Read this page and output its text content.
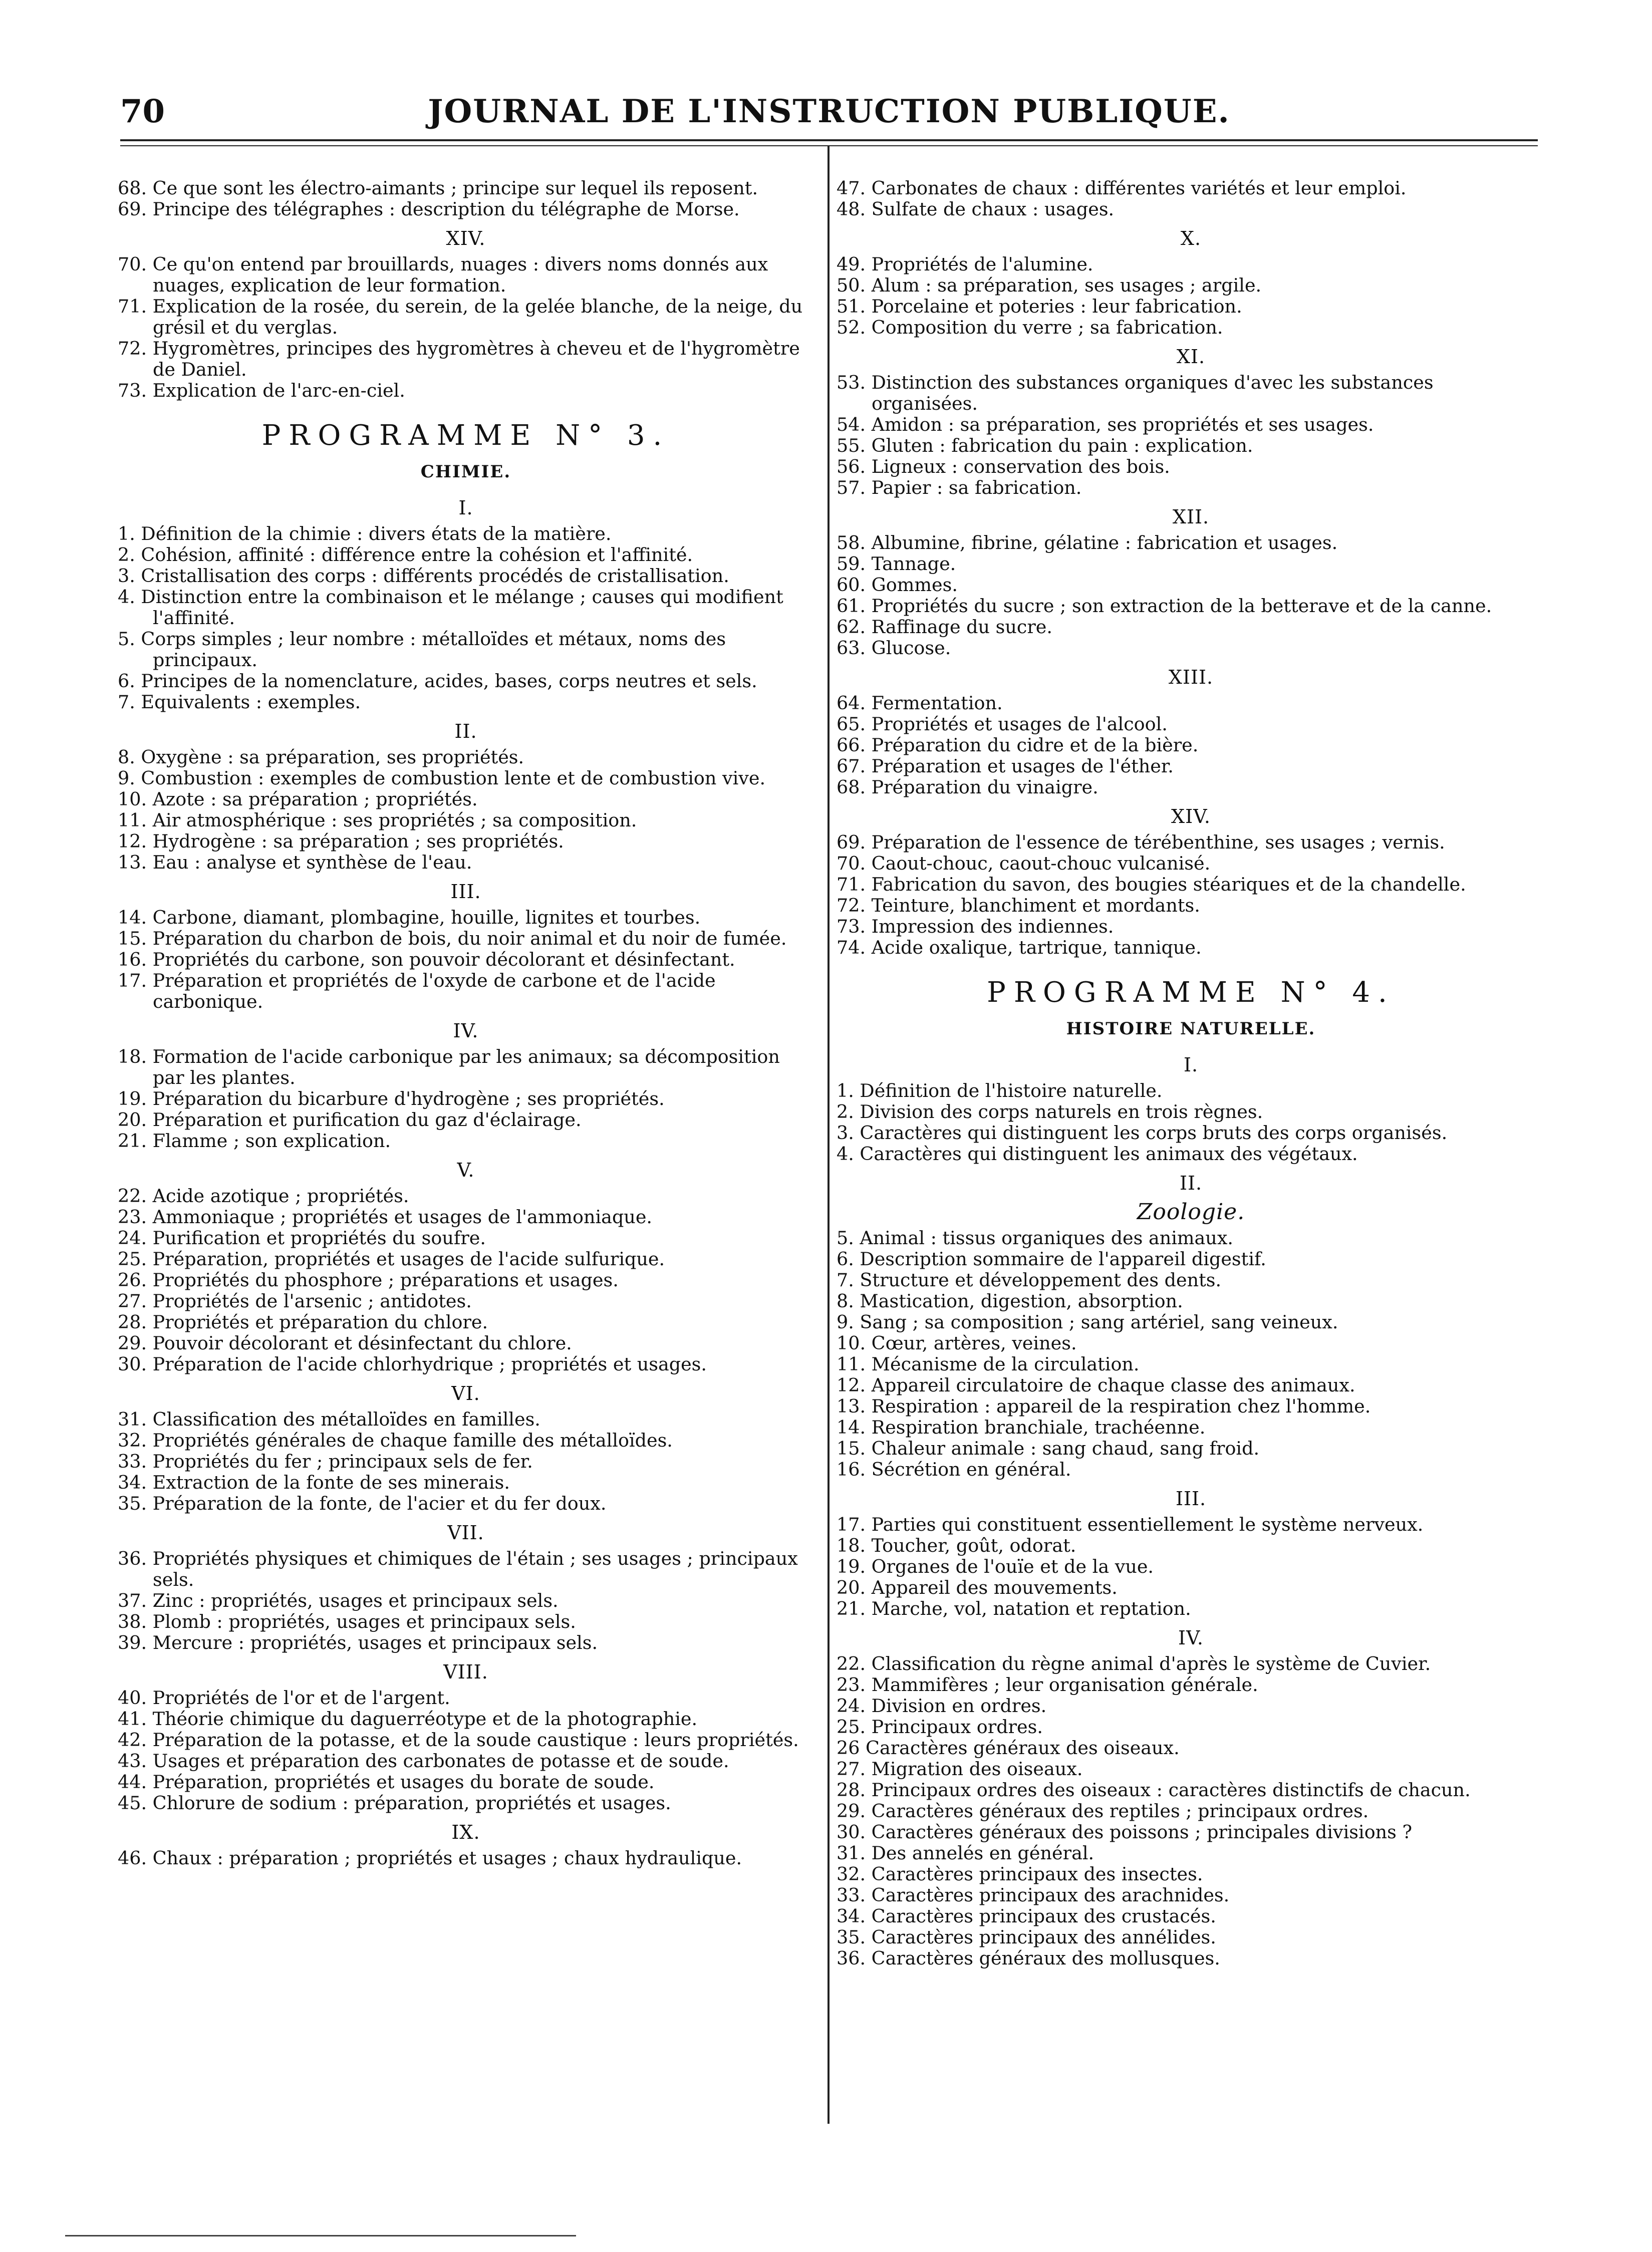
70	JOURNAL DE L'INSTRUCTION PUBLIQUE.
68. Ce que sont les électro-aimants ; principe sur lequel ils reposent.
69. Principe des télégraphes : description du télégraphe de Morse.
XIV.
70. Ce qu'on entend par brouillards, nuages : divers noms donnés aux nuages, explication de leur formation.
71. Explication de la rosée, du serein, de la gelée blanche, de la neige, du grésil et du verglas.
72. Hygromètres, principes des hygromètres à cheveu et de l'hygromètre de Daniel.
73. Explication de l'arc-en-ciel.
PROGRAMME N° 3.
CHIMIE.
I.
1. Définition de la chimie : divers états de la matière.
2. Cohésion, affinité : différence entre la cohésion et l'affinité.
3. Cristallisation des corps : différents procédés de cristallisation.
4. Distinction entre la combinaison et le mélange ; causes qui modifient l'affinité.
5. Corps simples ; leur nombre : métalloïdes et métaux, noms des principaux.
6. Principes de la nomenclature, acides, bases, corps neutres et sels.
7. Equivalents : exemples.
II.
8. Oxygène : sa préparation, ses propriétés.
9. Combustion : exemples de combustion lente et de combustion vive.
10. Azote : sa préparation ; propriétés.
11. Air atmosphérique : ses propriétés ; sa composition.
12. Hydrogène : sa préparation ; ses propriétés.
13. Eau : analyse et synthèse de l'eau.
III.
14. Carbone, diamant, plombagine, houille, lignites et tourbes.
15. Préparation du charbon de bois, du noir animal et du noir de fumée.
16. Propriétés du carbone, son pouvoir décolorant et désinfectant.
17. Préparation et propriétés de l'oxyde de carbone et de l'acide carbonique.
IV.
18. Formation de l'acide carbonique par les animaux; sa décomposition par les plantes.
19. Préparation du bicarbure d'hydrogène ; ses propriétés.
20. Préparation et purification du gaz d'éclairage.
21. Flamme ; son explication.
V.
22. Acide azotique ; propriétés.
23. Ammoniaque ; propriétés et usages de l'ammoniaque.
24. Purification et propriétés du soufre.
25. Préparation, propriétés et usages de l'acide sulfurique.
26. Propriétés du phosphore ; préparations et usages.
27. Propriétés de l'arsenic ; antidotes.
28. Propriétés et préparation du chlore.
29. Pouvoir décolorant et désinfectant du chlore.
30. Préparation de l'acide chlorhydrique ; propriétés et usages.
VI.
31. Classification des métalloïdes en familles.
32. Propriétés générales de chaque famille des métalloïdes.
33. Propriétés du fer ; principaux sels de fer.
34. Extraction de la fonte de ses minerais.
35. Préparation de la fonte, de l'acier et du fer doux.
VII.
36. Propriétés physiques et chimiques de l'étain ; ses usages ; principaux sels.
37. Zinc : propriétés, usages et principaux sels.
38. Plomb : propriétés, usages et principaux sels.
39. Mercure : propriétés, usages et principaux sels.
VIII.
40. Propriétés de l'or et de l'argent.
41. Théorie chimique du daguerréotype et de la photographie.
42. Préparation de la potasse, et de la soude caustique : leurs propriétés.
43. Usages et préparation des carbonates de potasse et de soude.
44. Préparation, propriétés et usages du borate de soude.
45. Chlorure de sodium : préparation, propriétés et usages.
IX.
46. Chaux : préparation ; propriétés et usages ; chaux hydraulique.
47. Carbonates de chaux : différentes variétés et leur emploi.
48. Sulfate de chaux : usages.
X.
49. Propriétés de l'alumine.
50. Alum : sa préparation, ses usages ; argile.
51. Porcelaine et poteries : leur fabrication.
52. Composition du verre ; sa fabrication.
XI.
53. Distinction des substances organiques d'avec les substances organisées.
54. Amidon : sa préparation, ses propriétés et ses usages.
55. Gluten : fabrication du pain : explication.
56. Ligneux : conservation des bois.
57. Papier : sa fabrication.
XII.
58. Albumine, fibrine, gélatine : fabrication et usages.
59. Tannage.
60. Gommes.
61. Propriétés du sucre ; son extraction de la betterave et de la canne.
62. Raffinage du sucre.
63. Glucose.
XIII.
64. Fermentation.
65. Propriétés et usages de l'alcool.
66. Préparation du cidre et de la bière.
67. Préparation et usages de l'éther.
68. Préparation du vinaigre.
XIV.
69. Préparation de l'essence de térébenthine, ses usages ; vernis.
70. Caout-chouc, caout-chouc vulcanisé.
71. Fabrication du savon, des bougies stéariques et de la chandelle.
72. Teinture, blanchiment et mordants.
73. Impression des indiennes.
74. Acide oxalique, tartrique, tannique.
PROGRAMME N° 4.
HISTOIRE NATURELLE.
I.
1. Définition de l'histoire naturelle.
2. Division des corps naturels en trois règnes.
3. Caractères qui distinguent les corps bruts des corps organisés.
4. Caractères qui distinguent les animaux des végétaux.
II.
Zoologie.
5. Animal : tissus organiques des animaux.
6. Description sommaire de l'appareil digestif.
7. Structure et développement des dents.
8. Mastication, digestion, absorption.
9. Sang ; sa composition ; sang artériel, sang veineux.
10. Cœur, artères, veines.
11. Mécanisme de la circulation.
12. Appareil circulatoire de chaque classe des animaux.
13. Respiration : appareil de la respiration chez l'homme.
14. Respiration branchiale, trachéenne.
15. Chaleur animale : sang chaud, sang froid.
16. Sécrétion en général.
III.
17. Parties qui constituent essentiellement le système nerveux.
18. Toucher, goût, odorat.
19. Organes de l'ouïe et de la vue.
20. Appareil des mouvements.
21. Marche, vol, natation et reptation.
IV.
22. Classification du règne animal d'après le système de Cuvier.
23. Mammifères ; leur organisation générale.
24. Division en ordres.
25. Principaux ordres.
26 Caractères généraux des oiseaux.
27. Migration des oiseaux.
28. Principaux ordres des oiseaux : caractères distinctifs de chacun.
29. Caractères généraux des reptiles ; principaux ordres.
30. Caractères généraux des poissons ; principales divisions ?
31. Des annelés en général.
32. Caractères principaux des insectes.
33. Caractères principaux des arachnides.
34. Caractères principaux des crustacés.
35. Caractères principaux des annélides.
36. Caractères généraux des mollusques.
